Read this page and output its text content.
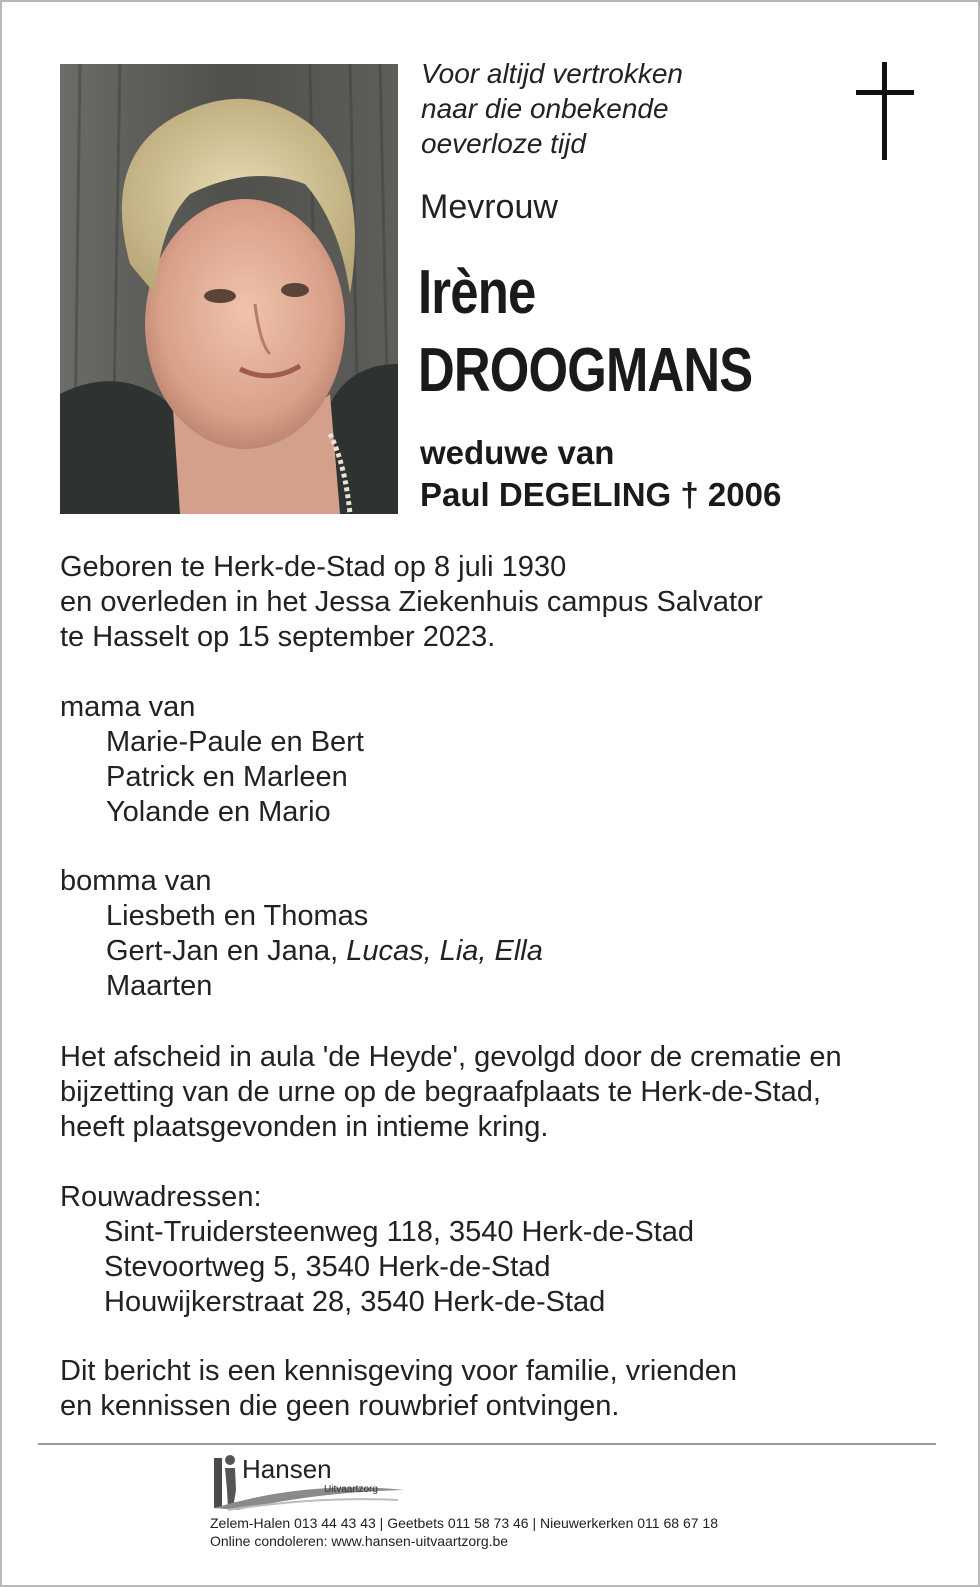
Voor altijd vertrokken
naar die onbekende
oeverloze tijd
Mevrouw
Irène
DROOGMANS
weduwe van
Paul DEGELING † 2006
Geboren te Herk-de-Stad op 8 juli 1930
en overleden in het Jessa Ziekenhuis campus Salvator
te Hasselt op 15 september 2023.
mama van
Marie-Paule en Bert
Patrick en Marleen
Yolande en Mario
bomma van
Liesbeth en Thomas
Gert-Jan en Jana, Lucas, Lia, Ella
Maarten
Het afscheid in aula 'de Heyde', gevolgd door de crematie en
bijzetting van de urne op de begraafplaats te Herk-de-Stad,
heeft plaatsgevonden in intieme kring.
Rouwadressen:
Sint-Truidersteenweg 118, 3540 Herk-de-Stad
Stevoortweg 5, 3540 Herk-de-Stad
Houwijkerstraat 28, 3540 Herk-de-Stad
Dit bericht is een kennisgeving voor familie, vrienden
en kennissen die geen rouwbrief ontvingen.
Hansen
Uitvaartzorg
Zelem-Halen 013 44 43 43 | Geetbets 011 58 73 46 | Nieuwerkerken 011 68 67 18
Online condoleren: www.hansen-uitvaartzorg.be
